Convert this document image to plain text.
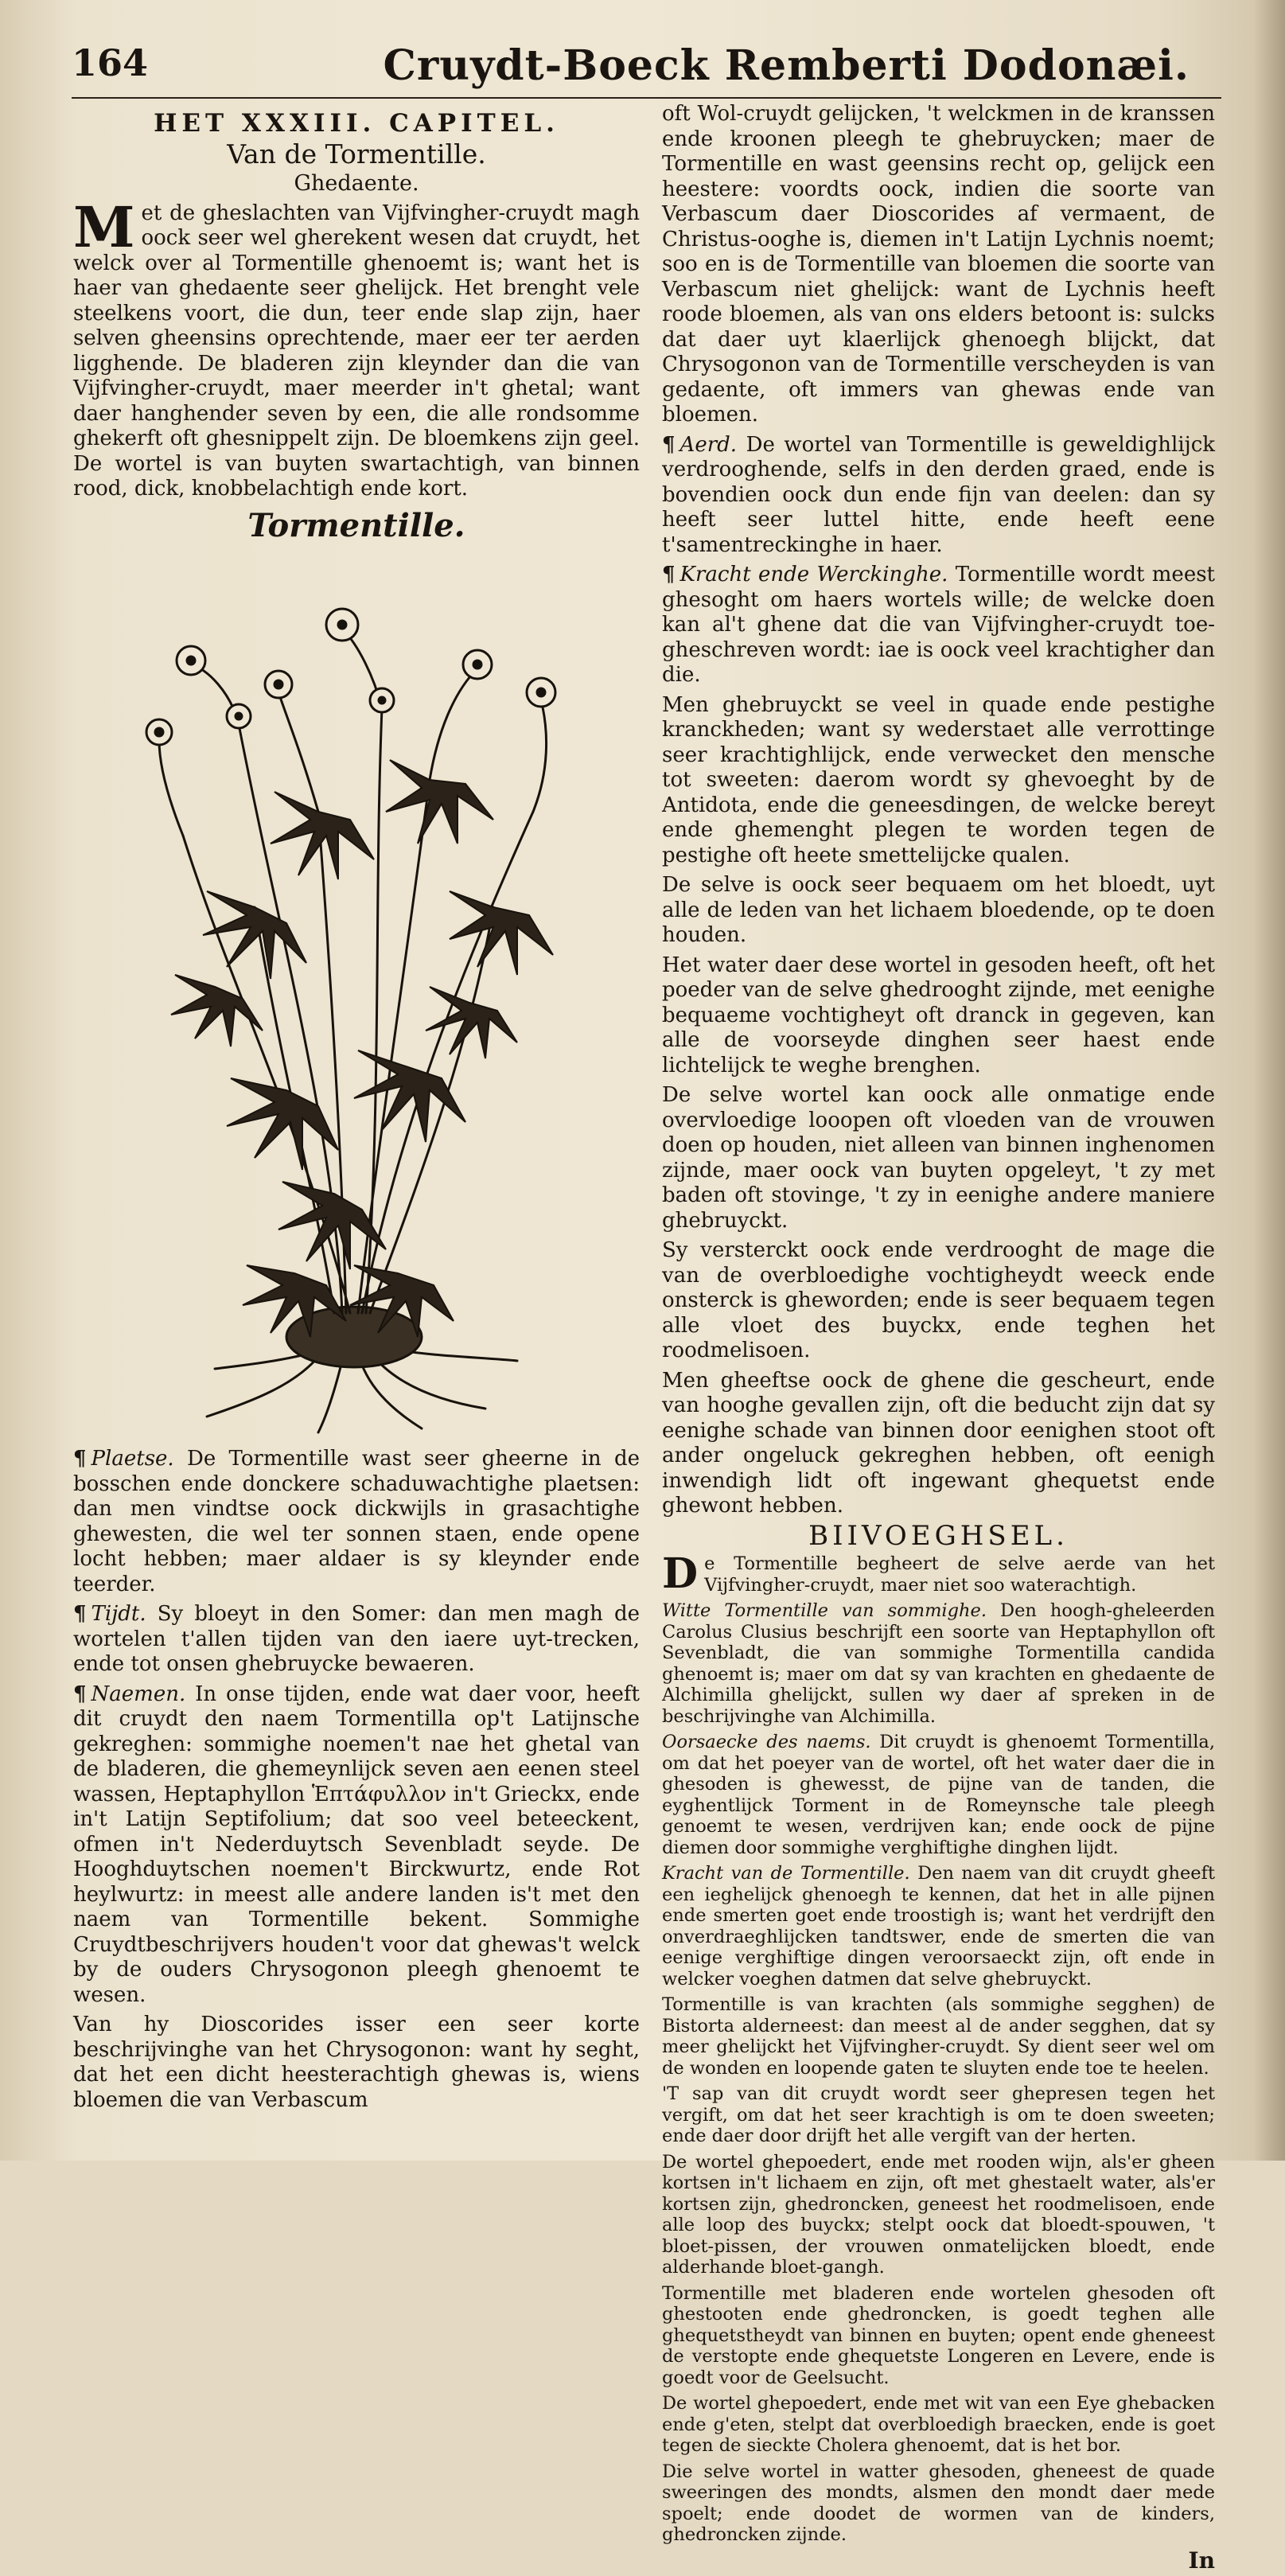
164	Cruydt-Boeck Remberti Dodonæi.

HET XXXIII. CAPITEL.

Van de Tormentille.

Ghedaente.

Met de gheslachten van Vijfvingher-cruydt magh oock seer wel gherekent wesen dat cruydt, het welck over al Tormentille ghenoemt is; want het is haer van ghedaente seer ghelijck. Het brenght vele steelkens voort, die dun, teer ende slap zijn, haer selven gheensins oprechtende, maer eer ter aerden ligghende. De bladeren zijn kleynder dan die van Vijfvingher-cruydt, maer meerder in't ghetal; want daer hanghender seven by een, die alle rondsomme ghekerft oft ghesnippelt zijn. De bloemkens zijn geel. De wortel is van buyten swartachtigh, van binnen rood, dick, knobbelachtigh ende kort.

Tormentille.

¶ Plaetse. De Tormentille wast seer gheerne in de bosschen ende donckere schaduwachtighe plaetsen: dan men vindtse oock dickwijls in grasachtighe ghewesten, die wel ter sonnen staen, ende opene locht hebben; maer aldaer is sy kleynder ende teerder.

¶ Tijdt. Sy bloeyt in den Somer: dan men magh de wortelen t'allen tijden van den iaere uyt-trecken, ende tot onsen ghebruycke bewaeren.

¶ Naemen. In onse tijden, ende wat daer voor, heeft dit cruydt den naem Tormentilla op't Latijnsche gekreghen: sommighe noemen't nae het ghetal van de bladeren, die ghemeynlijck seven aen eenen steel wassen, Heptaphyllon Ἑπτάφυλλον in't Grieckx, ende in't Latijn Septifolium; dat soo veel beteeckent, ofmen in't Nederduytsch Sevenbladt seyde. De Hooghduytschen noemen't Birckwurtz, ende Rot heylwurtz: in meest alle andere landen is't met den naem van Tormentille bekent. Sommighe Cruydtbeschrijvers houden't voor dat ghewas't welck by de ouders Chrysogonon pleegh ghenoemt te wesen.

Van hy Dioscorides isser een seer korte beschrijvinghe van het Chrysogonon: want hy seght, dat het een dicht heesterachtigh ghewas is, wiens bloemen die van Verbascum

oft Wol-cruydt gelijcken, 't welckmen in de kranssen ende kroonen pleegh te ghebruycken; maer de Tormentille en wast geensins recht op, gelijck een heestere: voordts oock, indien die soorte van Verbascum daer Dioscorides af vermaent, de Christus-ooghe is, diemen in't Latijn Lychnis noemt; soo en is de Tormentille van bloemen die soorte van Verbascum niet ghelijck: want de Lychnis heeft roode bloemen, als van ons elders betoont is: sulcks dat daer uyt klaerlijck ghenoegh blijckt, dat Chrysogonon van de Tormentille verscheyden is van gedaente, oft immers van ghewas ende van bloemen.

¶ Aerd. De wortel van Tormentille is geweldighlijck verdrooghende, selfs in den derden graed, ende is bovendien oock dun ende fijn van deelen: dan sy heeft seer luttel hitte, ende heeft eene t'samentreckinghe in haer.

¶ Kracht ende Werckinghe. Tormentille wordt meest ghesoght om haers wortels wille; de welcke doen kan al't ghene dat die van Vijfvingher-cruydt toe-gheschreven wordt: iae is oock veel krachtigher dan die.

Men ghebruyckt se veel in quade ende pestighe kranckheden; want sy wederstaet alle verrottinge seer krachtighlijck, ende verwecket den mensche tot sweeten: daerom wordt sy ghevoeght by de Antidota, ende die geneesdingen, de welcke bereyt ende ghemenght plegen te worden tegen de pestighe oft heete smettelijcke qualen.

De selve is oock seer bequaem om het bloedt, uyt alle de leden van het lichaem bloedende, op te doen houden.

Het water daer dese wortel in gesoden heeft, oft het poeder van de selve ghedrooght zijnde, met eenighe bequaeme vochtigheyt oft dranck in gegeven, kan alle de voorseyde dinghen seer haest ende lichtelijck te weghe brenghen.

De selve wortel kan oock alle onmatige ende overvloedige looopen oft vloeden van de vrouwen doen op houden, niet alleen van binnen inghenomen zijnde, maer oock van buyten opgeleyt, 't zy met baden oft stovinge, 't zy in eenighe andere maniere ghebruyckt.

Sy versterckt oock ende verdrooght de mage die van de overbloedighe vochtigheydt weeck ende onsterck is gheworden; ende is seer bequaem tegen alle vloet des buyckx, ende teghen het roodmelisoen.

Men gheeftse oock de ghene die gescheurt, ende van hooghe gevallen zijn, oft die beducht zijn dat sy eenighe schade van binnen door eenighen stoot oft ander ongeluck gekreghen hebben, oft eenigh inwendigh lidt oft ingewant ghequetst ende ghewont hebben.

BIIVOEGHSEL.

De Tormentille begheert de selve aerde van het Vijfvingher-cruydt, maer niet soo waterachtigh.

Witte Tormentille van sommighe. Den hoogh-gheleerden Carolus Clusius beschrijft een soorte van Heptaphyllon oft Sevenbladt, die van sommighe Tormentilla candida ghenoemt is; maer om dat sy van krachten en ghedaente de Alchimilla ghelijckt, sullen wy daer af spreken in de beschrijvinghe van Alchimilla.

Oorsaecke des naems. Dit cruydt is ghenoemt Tormentilla, om dat het poeyer van de wortel, oft het water daer die in ghesoden is ghewesst, de pijne van de tanden, die eyghentlijck Torment in de Romeynsche tale pleegh genoemt te wesen, verdrijven kan; ende oock de pijne diemen door sommighe verghiftighe dinghen lijdt.

Kracht van de Tormentille. Den naem van dit cruydt gheeft een ieghelijck ghenoegh te kennen, dat het in alle pijnen ende smerten goet ende troostigh is; want het verdrijft den onverdraeghlijcken tandtswer, ende de smerten die van eenige verghiftige dingen veroorsaeckt zijn, oft ende in welcker voeghen datmen dat selve ghebruyckt.

Tormentille is van krachten (als sommighe segghen) de Bistorta alderneest: dan meest al de ander segghen, dat sy meer ghelijckt het Vijfvingher-cruydt. Sy dient seer wel om de wonden en loopende gaten te sluyten ende toe te heelen.

'T sap van dit cruydt wordt seer ghepresen tegen het vergift, om dat het seer krachtigh is om te doen sweeten; ende daer door drijft het alle vergift van der herten.

De wortel ghepoedert, ende met rooden wijn, als'er gheen kortsen in't lichaem en zijn, oft met ghestaelt water, als'er kortsen zijn, ghedroncken, geneest het roodmelisoen, ende alle loop des buyckx; stelpt oock dat bloedt-spouwen, 't bloet-pissen, der vrouwen onmatelijcken bloedt, ende alderhande bloet-gangh.

Tormentille met bladeren ende wortelen ghesoden oft ghestooten ende ghedroncken, is goedt teghen alle ghequetstheydt van binnen en buyten; opent ende gheneest de verstopte ende ghequetste Longeren en Levere, ende is goedt voor de Geelsucht.

De wortel ghepoedert, ende met wit van een Eye ghebacken ende g'eten, stelpt dat overbloedigh braecken, ende is goet tegen de sieckte Cholera ghenoemt, dat is het bor.

Die selve wortel in watter ghesoden, gheneest de quade sweeringen des mondts, alsmen den mondt daer mede spoelt; ende doodet de wormen van de kinders, ghedroncken zijnde.

In
